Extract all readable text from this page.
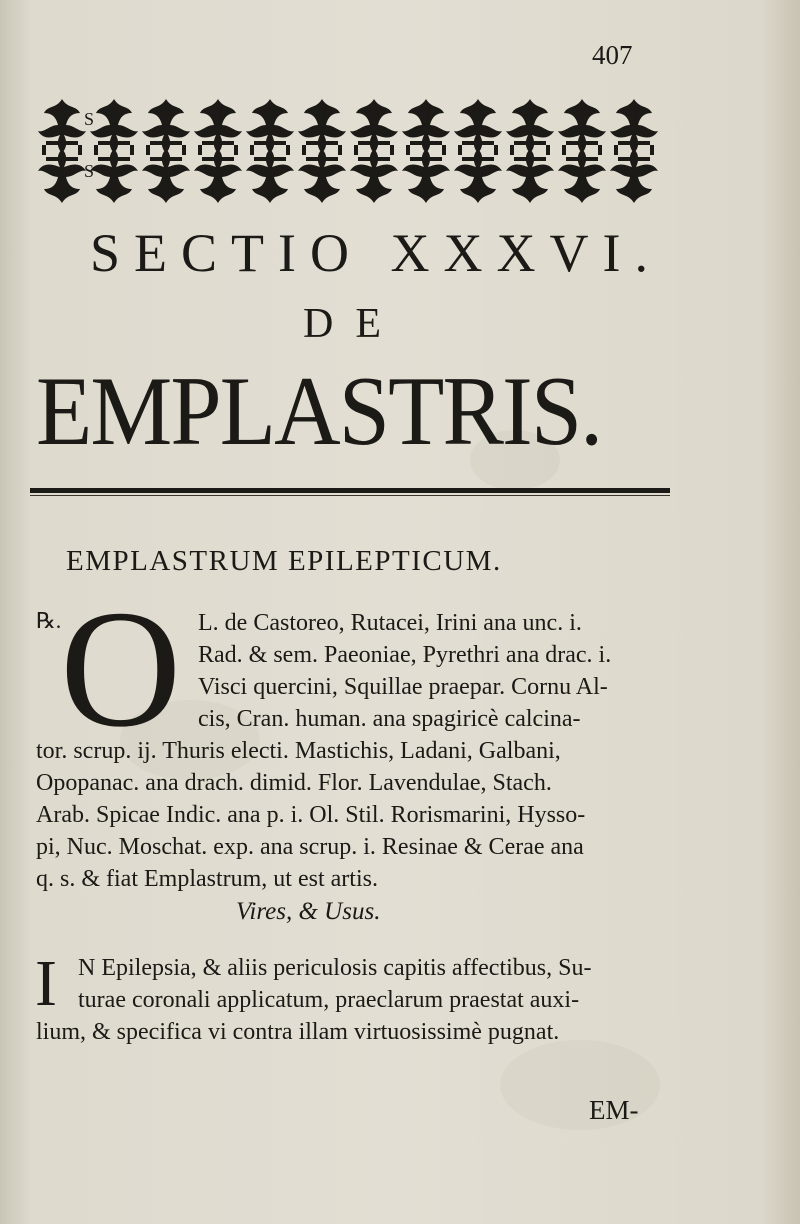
407
S
S
SECTIO XXXVI.
DE
EMPLASTRIS.
EMPLASTRUM EPILEPTICUM.
℞.
O L. de Castoreo, Rutacei, Irini ana unc. i.
Rad. & sem. Paeoniae, Pyrethri ana drac. i.
Visci quercini, Squillae praepar. Cornu Al-
cis, Cran. human. ana spagiricè calcina-
tor. scrup. ij. Thuris electi. Mastichis, Ladani, Galbani,
Opopanac. ana drach. dimid. Flor. Lavendulae, Stach.
Arab. Spicae Indic. ana p. i. Ol. Stil. Rorismarini, Hysso-
pi, Nuc. Moschat. exp. ana scrup. i. Resinae & Cerae ana
q. s. & fiat Emplastrum, ut est artis.
Vires, & Usus.
I N Epilepsia, & aliis periculosis capitis affectibus, Su-
turae coronali applicatum, praeclarum praestat auxi-
lium, & specifica vi contra illam virtuosissimè pugnat.
EM-
